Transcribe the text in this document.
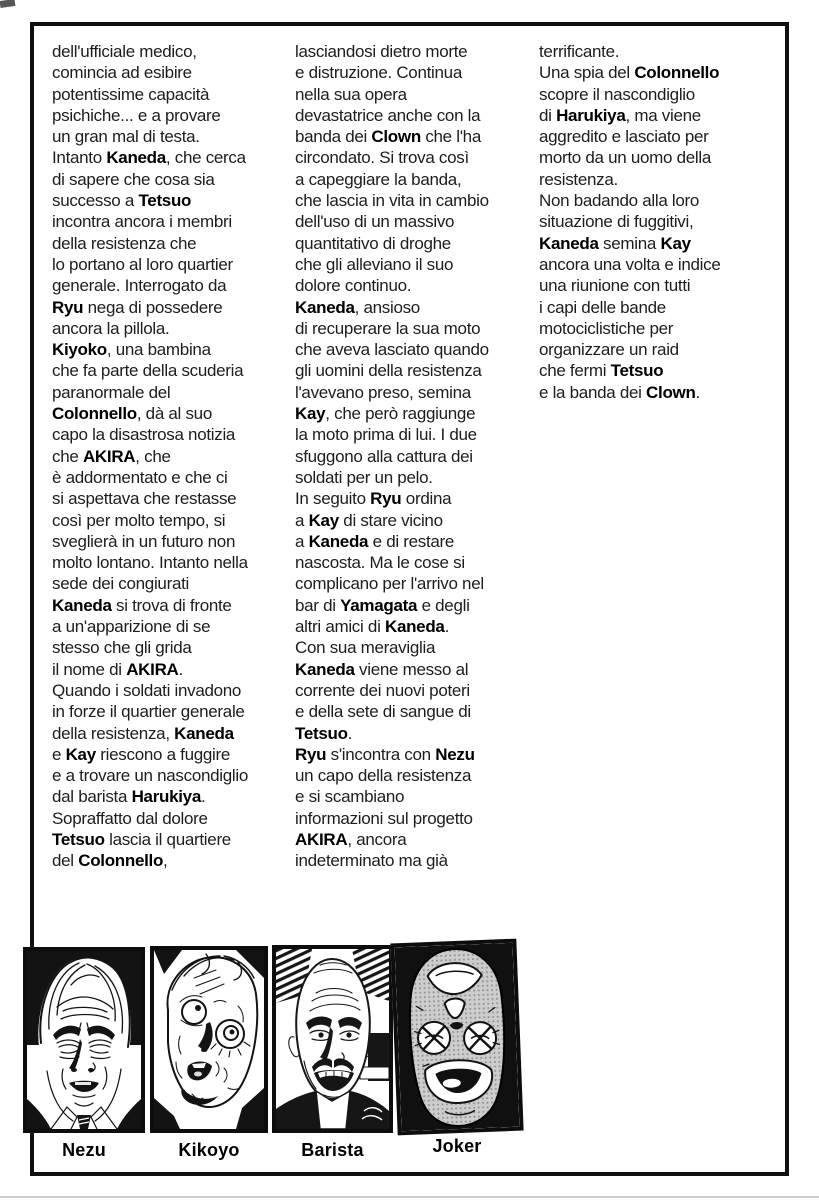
dell'ufficiale medico,
comincia ad esibire
potentissime capacità
psichiche... e a provare
un gran mal di testa.
Intanto Kaneda, che cerca
di sapere che cosa sia
successo a Tetsuo
incontra ancora i membri
della resistenza che
lo portano al loro quartier
generale. Interrogato da
Ryu nega di possedere
ancora la pillola.
Kiyoko, una bambina
che fa parte della scuderia
paranormale del
Colonnello, dà al suo
capo la disastrosa notizia
che AKIRA, che
è addormentato e che ci
si aspettava che restasse
così per molto tempo, si
sveglierà in un futuro non
molto lontano. Intanto nella
sede dei congiurati
Kaneda si trova di fronte
a un'apparizione di se
stesso che gli grida
il nome di AKIRA.
Quando i soldati invadono
in forze il quartier generale
della resistenza, Kaneda
e Kay riescono a fuggire
e a trovare un nascondiglio
dal barista Harukiya.
Sopraffatto dal dolore
Tetsuo lascia il quartiere
del Colonnello,
lasciandosi dietro morte
e distruzione. Continua
nella sua opera
devastatrice anche con la
banda dei Clown che l'ha
circondato. Si trova così
a capeggiare la banda,
che lascia in vita in cambio
dell'uso di un massivo
quantitativo di droghe
che gli alleviano il suo
dolore continuo.
Kaneda, ansioso
di recuperare la sua moto
che aveva lasciato quando
gli uomini della resistenza
l'avevano preso, semina
Kay, che però raggiunge
la moto prima di lui. I due
sfuggono alla cattura dei
soldati per un pelo.
In seguito Ryu ordina
a Kay di stare vicino
a Kaneda e di restare
nascosta. Ma le cose si
complicano per l'arrivo nel
bar di Yamagata e degli
altri amici di Kaneda.
Con sua meraviglia
Kaneda viene messo al
corrente dei nuovi poteri
e della sete di sangue di
Tetsuo.
Ryu s'incontra con Nezu
un capo della resistenza
e si scambiano
informazioni sul progetto
AKIRA, ancora
indeterminato ma già
terrificante.
Una spia del Colonnello
scopre il nascondiglio
di Harukiya, ma viene
aggredito e lasciato per
morto da un uomo della
resistenza.
Non badando alla loro
situazione di fuggitivi,
Kaneda semina Kay
ancora una volta e indice
una riunione con tutti
i capi delle bande
motociclistiche per
organizzare un raid
che fermi Tetsuo
e la banda dei Clown.
Nezu	Kikoyo	Barista	Joker
